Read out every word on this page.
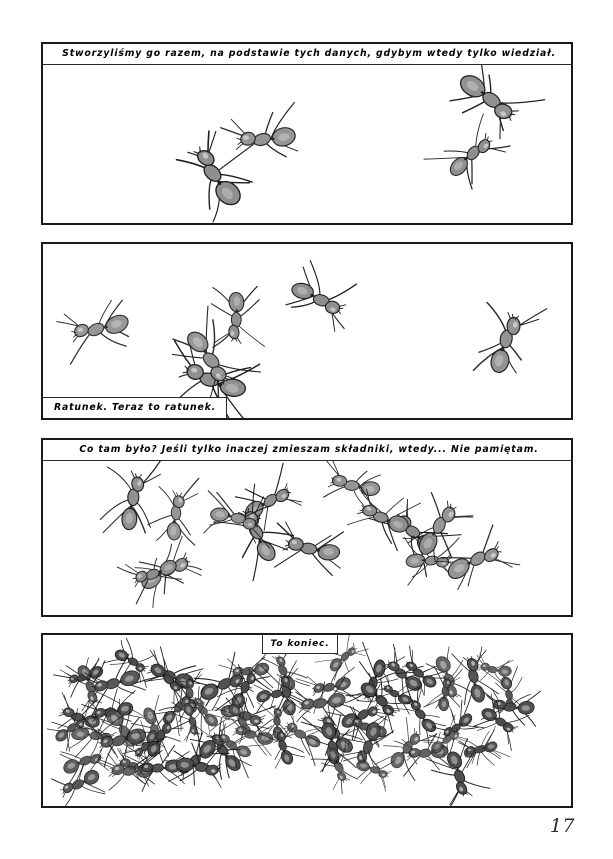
Stworzyliśmy go razem, na podstawie tych danych, gdybym wtedy tylko wiedział.
Ratunek. Teraz to ratunek.
Co tam było? Jeśli tylko inaczej zmieszam składniki, wtedy... Nie pamiętam.
To koniec.
17
